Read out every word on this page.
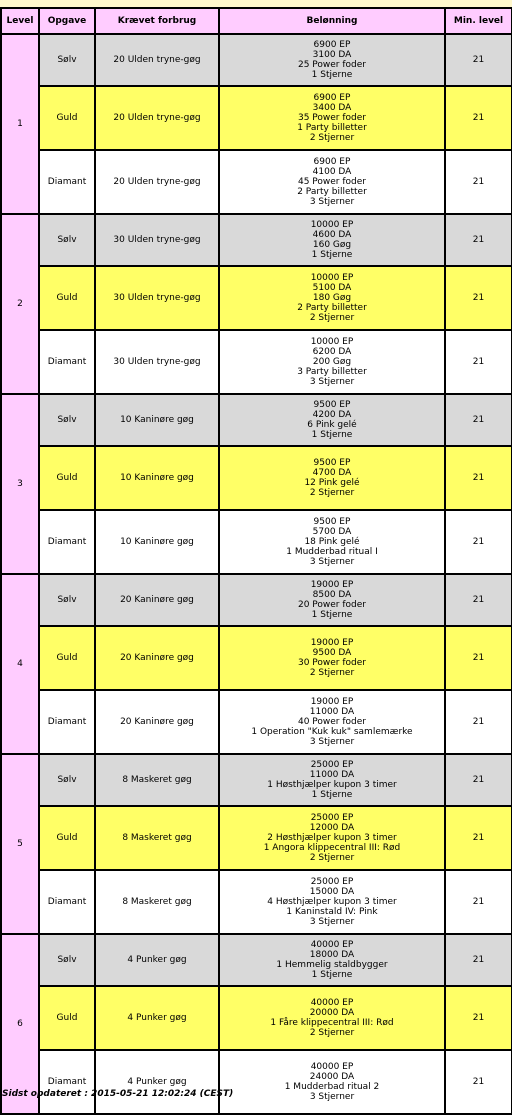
Level	Opgave	Krævet forbrug	Belønning	Min. level
1	Sølv	20 Ulden tryne-gøg	6900 EP
3100 DA
25 Power foder
1 Stjerne	21
	Guld	20 Ulden tryne-gøg	6900 EP
3400 DA
35 Power foder
1 Party billetter
2 Stjerner	21
	Diamant	20 Ulden tryne-gøg	6900 EP
4100 DA
45 Power foder
2 Party billetter
3 Stjerner	21
2	Sølv	30 Ulden tryne-gøg	10000 EP
4600 DA
160 Gøg
1 Stjerne	21
	Guld	30 Ulden tryne-gøg	10000 EP
5100 DA
180 Gøg
2 Party billetter
2 Stjerner	21
	Diamant	30 Ulden tryne-gøg	10000 EP
6200 DA
200 Gøg
3 Party billetter
3 Stjerner	21
3	Sølv	10 Kaninøre gøg	9500 EP
4200 DA
6 Pink gelé
1 Stjerne	21
	Guld	10 Kaninøre gøg	9500 EP
4700 DA
12 Pink gelé
2 Stjerner	21
	Diamant	10 Kaninøre gøg	9500 EP
5700 DA
18 Pink gelé
1 Mudderbad ritual I
3 Stjerner	21
4	Sølv	20 Kaninøre gøg	19000 EP
8500 DA
20 Power foder
1 Stjerne	21
	Guld	20 Kaninøre gøg	19000 EP
9500 DA
30 Power foder
2 Stjerner	21
	Diamant	20 Kaninøre gøg	19000 EP
11000 DA
40 Power foder
1 Operation "Kuk kuk" samlemærke
3 Stjerner	21
5	Sølv	8 Maskeret gøg	25000 EP
11000 DA
1 Høsthjælper kupon 3 timer
1 Stjerne	21
	Guld	8 Maskeret gøg	25000 EP
12000 DA
2 Høsthjælper kupon 3 timer
1 Angora klippecentral III: Rød
2 Stjerner	21
	Diamant	8 Maskeret gøg	25000 EP
15000 DA
4 Høsthjælper kupon 3 timer
1 Kaninstald IV: Pink
3 Stjerner	21
6	Sølv	4 Punker gøg	40000 EP
18000 DA
1 Hemmelig staldbygger
1 Stjerne	21
	Guld	4 Punker gøg	40000 EP
20000 DA
1 Fåre klippecentral III: Rød
2 Stjerner	21
	Diamant	4 Punker gøg	40000 EP
24000 DA
1 Mudderbad ritual 2
3 Stjerner	21
Sidst opdateret : 2015-05-21 12:02:24 (CEST)
